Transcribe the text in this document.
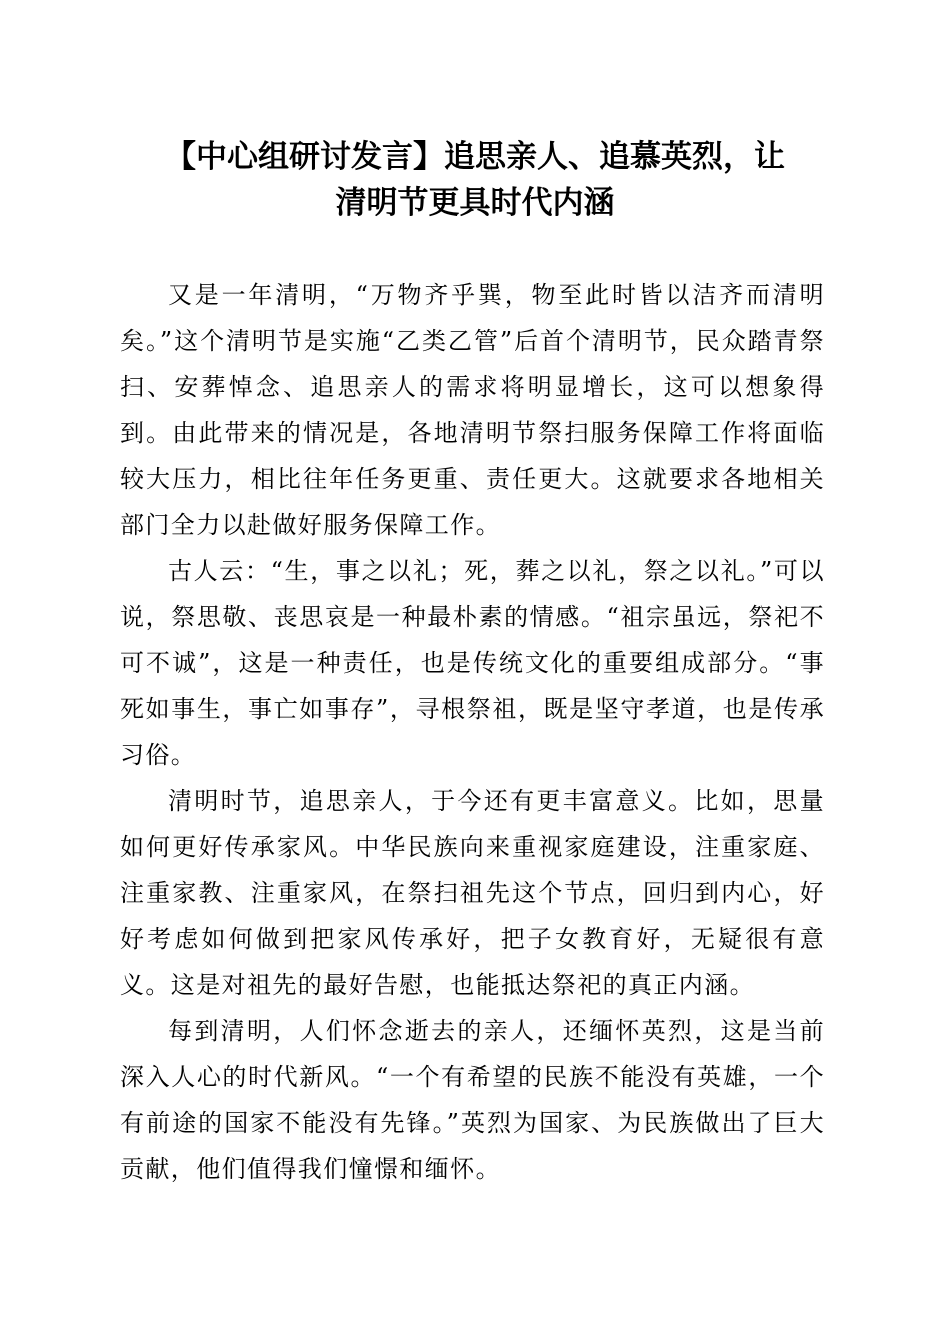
【中心组研讨发言】追思亲人、追慕英烈，让
清明节更具时代内涵

又是一年清明，“万物齐乎巽，物至此时皆以洁齐而清明矣。”这个清明节是实施“乙类乙管”后首个清明节，民众踏青祭扫、安葬悼念、追思亲人的需求将明显增长，这可以想象得到。由此带来的情况是，各地清明节祭扫服务保障工作将面临较大压力，相比往年任务更重、责任更大。这就要求各地相关部门全力以赴做好服务保障工作。

古人云：“生，事之以礼；死，葬之以礼，祭之以礼。”可以说，祭思敬、丧思哀是一种最朴素的情感。“祖宗虽远，祭祀不可不诚”，这是一种责任，也是传统文化的重要组成部分。“事死如事生，事亡如事存”，寻根祭祖，既是坚守孝道，也是传承习俗。

清明时节，追思亲人，于今还有更丰富意义。比如，思量如何更好传承家风。中华民族向来重视家庭建设，注重家庭、注重家教、注重家风，在祭扫祖先这个节点，回归到内心，好好考虑如何做到把家风传承好，把子女教育好，无疑很有意义。这是对祖先的最好告慰，也能抵达祭祀的真正内涵。

每到清明，人们怀念逝去的亲人，还缅怀英烈，这是当前深入人心的时代新风。“一个有希望的民族不能没有英雄，一个有前途的国家不能没有先锋。”英烈为国家、为民族做出了巨大贡献，他们值得我们憧憬和缅怀。
